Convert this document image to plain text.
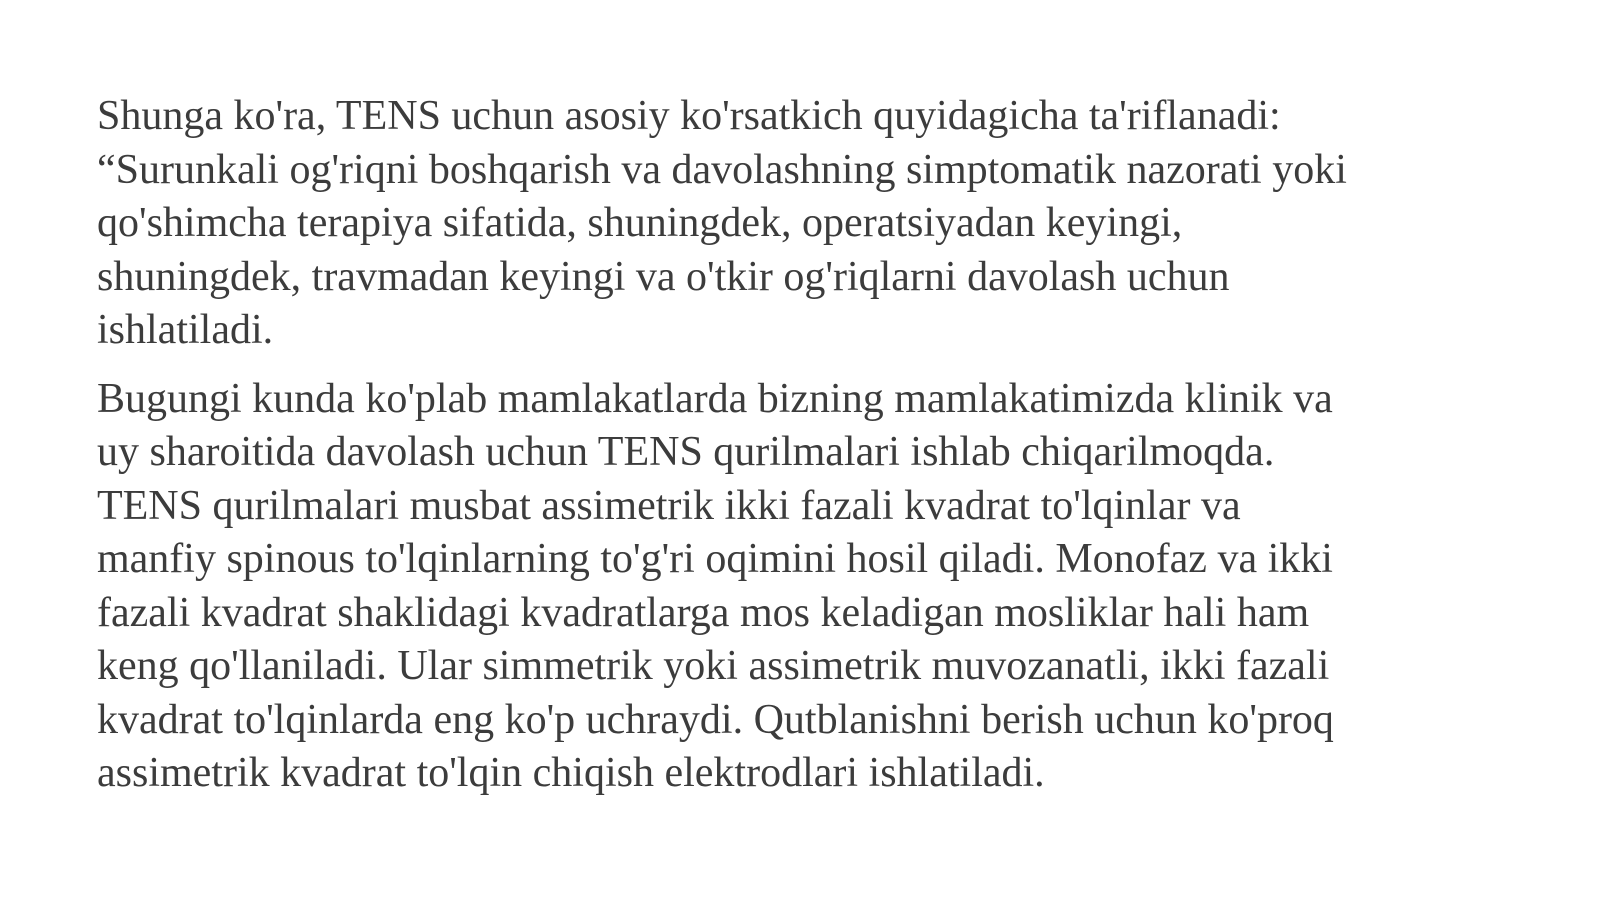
Shunga ko'ra, TENS uchun asosiy ko'rsatkich quyidagicha ta'riflanadi:
“Surunkali og'riqni boshqarish va davolashning simptomatik nazorati yoki
qo'shimcha terapiya sifatida, shuningdek, operatsiyadan keyingi,
shuningdek, travmadan keyingi va o'tkir og'riqlarni davolash uchun
ishlatiladi.

Bugungi kunda ko'plab mamlakatlarda bizning mamlakatimizda klinik va
uy sharoitida davolash uchun TENS qurilmalari ishlab chiqarilmoqda.
TENS qurilmalari musbat assimetrik ikki fazali kvadrat to'lqinlar va
manfiy spinous to'lqinlarning to'g'ri oqimini hosil qiladi. Monofaz va ikki
fazali kvadrat shaklidagi kvadratlarga mos keladigan mosliklar hali ham
keng qo'llaniladi. Ular simmetrik yoki assimetrik muvozanatli, ikki fazali
kvadrat to'lqinlarda eng ko'p uchraydi. Qutblanishni berish uchun ko'proq
assimetrik kvadrat to'lqin chiqish elektrodlari ishlatiladi.
